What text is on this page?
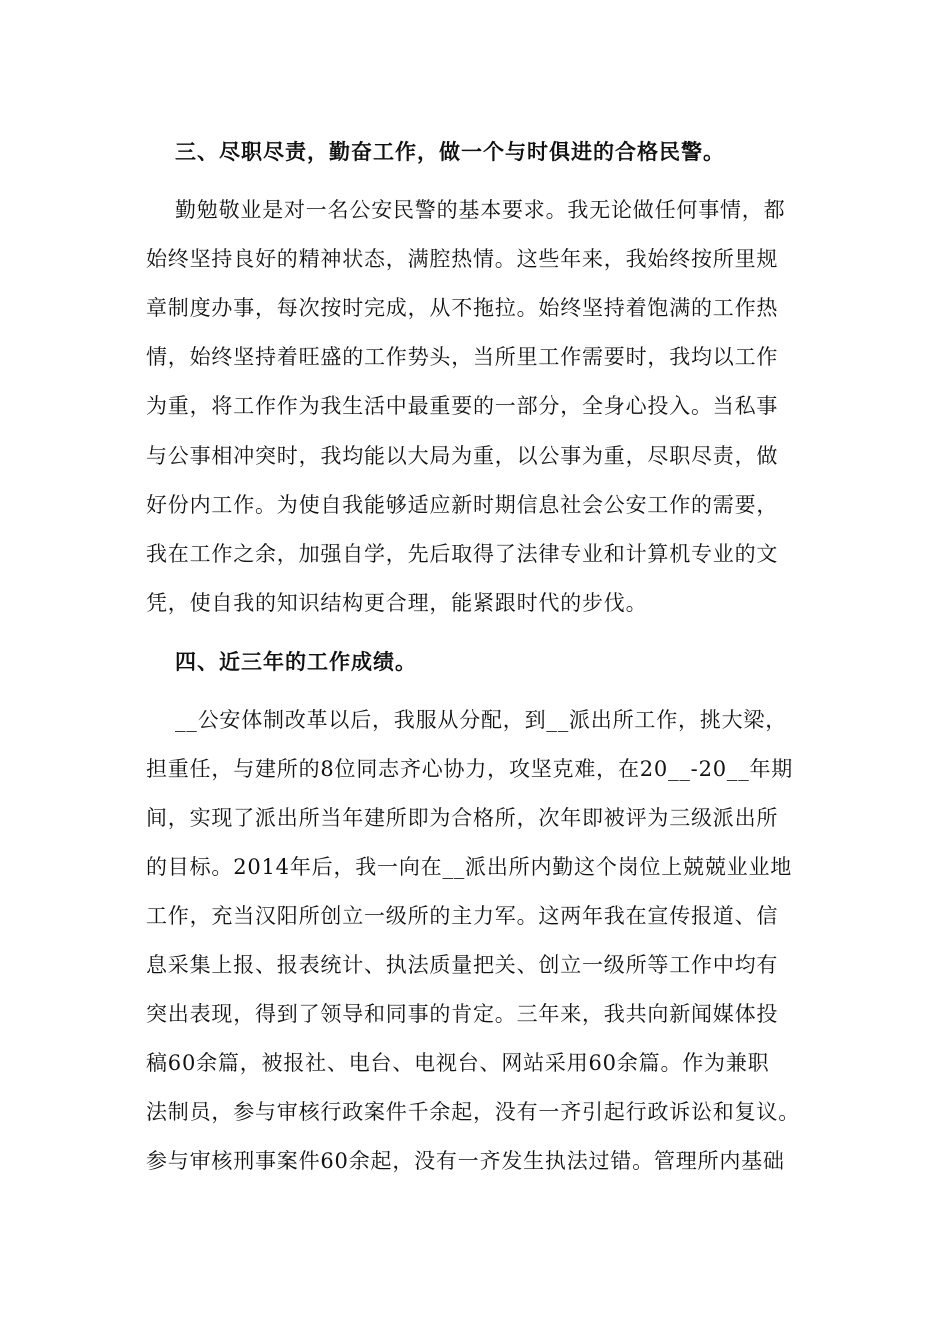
三、尽职尽责，勤奋工作，做一个与时俱进的合格民警。
勤勉敬业是对一名公安民警的基本要求。我无论做任何事情，都
始终坚持良好的精神状态，满腔热情。这些年来，我始终按所里规
章制度办事，每次按时完成，从不拖拉。始终坚持着饱满的工作热
情，始终坚持着旺盛的工作势头，当所里工作需要时，我均以工作
为重，将工作作为我生活中最重要的一部分，全身心投入。当私事
与公事相冲突时，我均能以大局为重，以公事为重，尽职尽责，做
好份内工作。为使自我能够适应新时期信息社会公安工作的需要，
我在工作之余，加强自学，先后取得了法律专业和计算机专业的文
凭，使自我的知识结构更合理，能紧跟时代的步伐。
四、近三年的工作成绩。
__公安体制改革以后，我服从分配，到__派出所工作，挑大梁，
担重任，与建所的8位同志齐心协力，攻坚克难，在20__-20__年期
间，实现了派出所当年建所即为合格所，次年即被评为三级派出所
的目标。2014年后，我一向在__派出所内勤这个岗位上兢兢业业地
工作，充当汉阳所创立一级所的主力军。这两年我在宣传报道、信
息采集上报、报表统计、执法质量把关、创立一级所等工作中均有
突出表现，得到了领导和同事的肯定。三年来，我共向新闻媒体投
稿60余篇，被报社、电台、电视台、网站采用60余篇。作为兼职
法制员，参与审核行政案件千余起，没有一齐引起行政诉讼和复议。
参与审核刑事案件60余起，没有一齐发生执法过错。管理所内基础
